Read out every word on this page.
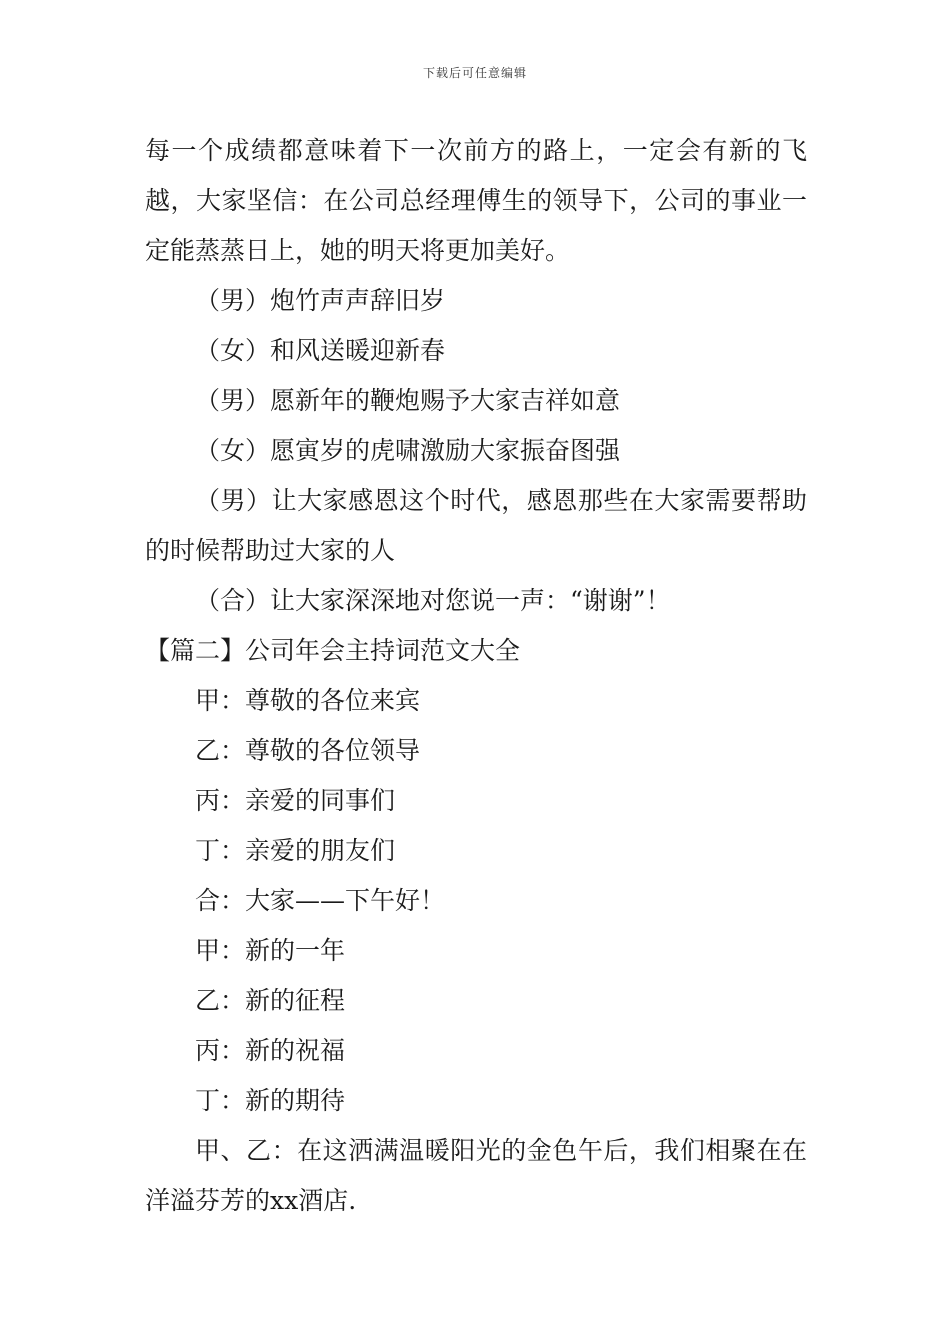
下载后可任意编辑

每一个成绩都意味着下一次前方的路上，一定会有新的飞越，大家坚信：在公司总经理傅生的领导下，公司的事业一定能蒸蒸日上，她的明天将更加美好。

（男）炮竹声声辞旧岁

（女）和风送暖迎新春

（男）愿新年的鞭炮赐予大家吉祥如意

（女）愿寅岁的虎啸激励大家振奋图强

（男）让大家感恩这个时代，感恩那些在大家需要帮助的时候帮助过大家的人

（合）让大家深深地对您说一声：“谢谢”！

【篇二】公司年会主持词范文大全

甲：尊敬的各位来宾

乙：尊敬的各位领导

丙：亲爱的同事们

丁：亲爱的朋友们

合：大家——下午好！

甲：新的一年

乙：新的征程

丙：新的祝福

丁：新的期待

甲、乙：在这洒满温暖阳光的金色午后，我们相聚在在洋溢芬芳的xx酒店.
